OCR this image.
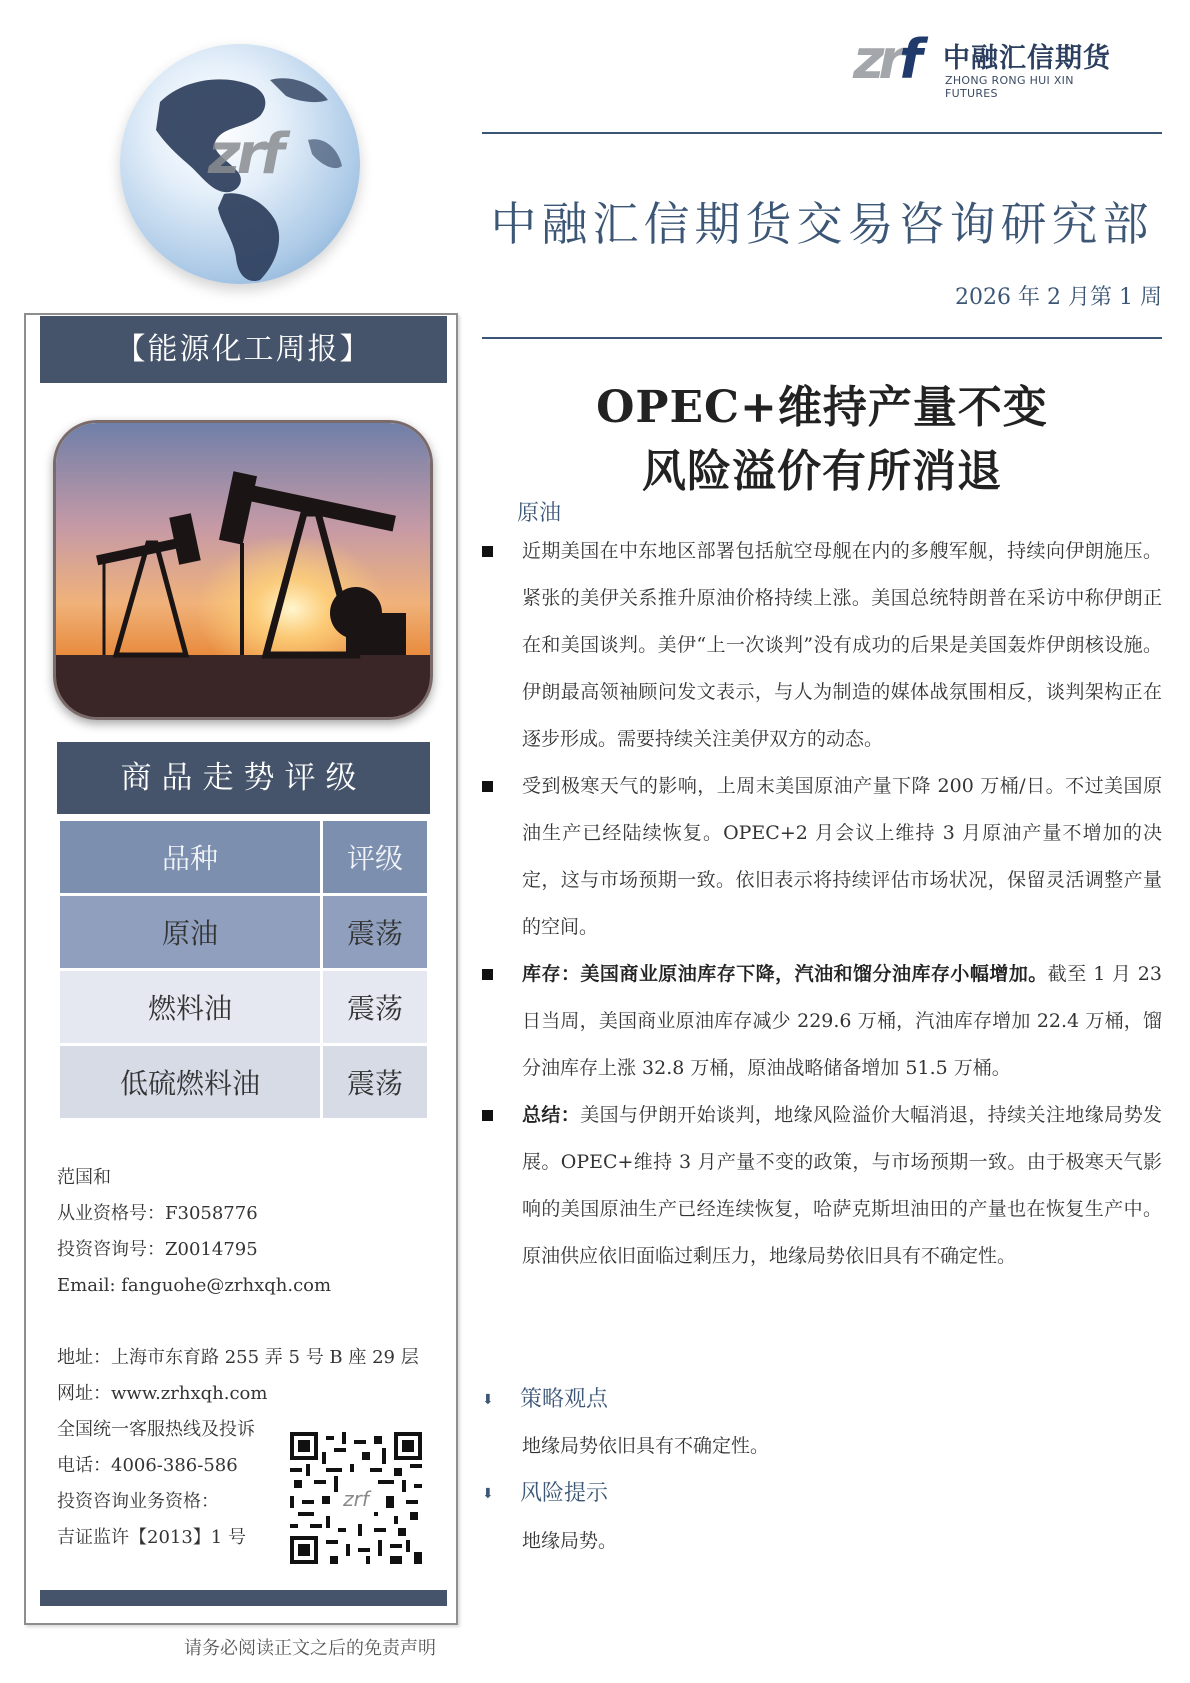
zrf
zrf 中融汇信期货
ZHONG RONG HUI XIN FUTURES
中融汇信期货交易咨询研究部
2026 年 2 月第 1 周
【能源化工周报】
商品走势评级
品种	评级
原油	震荡
燃料油	震荡
低硫燃料油	震荡
范国和
从业资格号：F3058776
投资咨询号：Z0014795
Email: fanguohe@zrhxqh.com
地址：上海市东育路 255 弄 5 号 B 座 29 层
网址：www.zrhxqh.com
全国统一客服热线及投诉
电话：4006-386-586
投资咨询业务资格：
吉证监许【2013】1 号
zrf
请务必阅读正文之后的免责声明
OPEC+维持产量不变
风险溢价有所消退
原油
近期美国在中东地区部署包括航空母舰在内的多艘军舰，持续向伊朗施压。紧张的美伊关系推升原油价格持续上涨。美国总统特朗普在采访中称伊朗正在和美国谈判。美伊“上一次谈判”没有成功的后果是美国轰炸伊朗核设施。伊朗最高领袖顾问发文表示，与人为制造的媒体战氛围相反，谈判架构正在逐步形成。需要持续关注美伊双方的动态。
受到极寒天气的影响，上周末美国原油产量下降 200 万桶/日。不过美国原油生产已经陆续恢复。OPEC+2 月会议上维持 3 月原油产量不增加的决定，这与市场预期一致。依旧表示将持续评估市场状况，保留灵活调整产量的空间。
库存：美国商业原油库存下降，汽油和馏分油库存小幅增加。截至 1 月 23 日当周，美国商业原油库存减少 229.6 万桶，汽油库存增加 22.4 万桶，馏分油库存上涨 32.8 万桶，原油战略储备增加 51.5 万桶。
总结：美国与伊朗开始谈判，地缘风险溢价大幅消退，持续关注地缘局势发展。OPEC+维持 3 月产量不变的政策，与市场预期一致。由于极寒天气影响的美国原油生产已经连续恢复，哈萨克斯坦油田的产量也在恢复生产中。原油供应依旧面临过剩压力，地缘局势依旧具有不确定性。
⬇ 策略观点
地缘局势依旧具有不确定性。
⬇ 风险提示
地缘局势。
